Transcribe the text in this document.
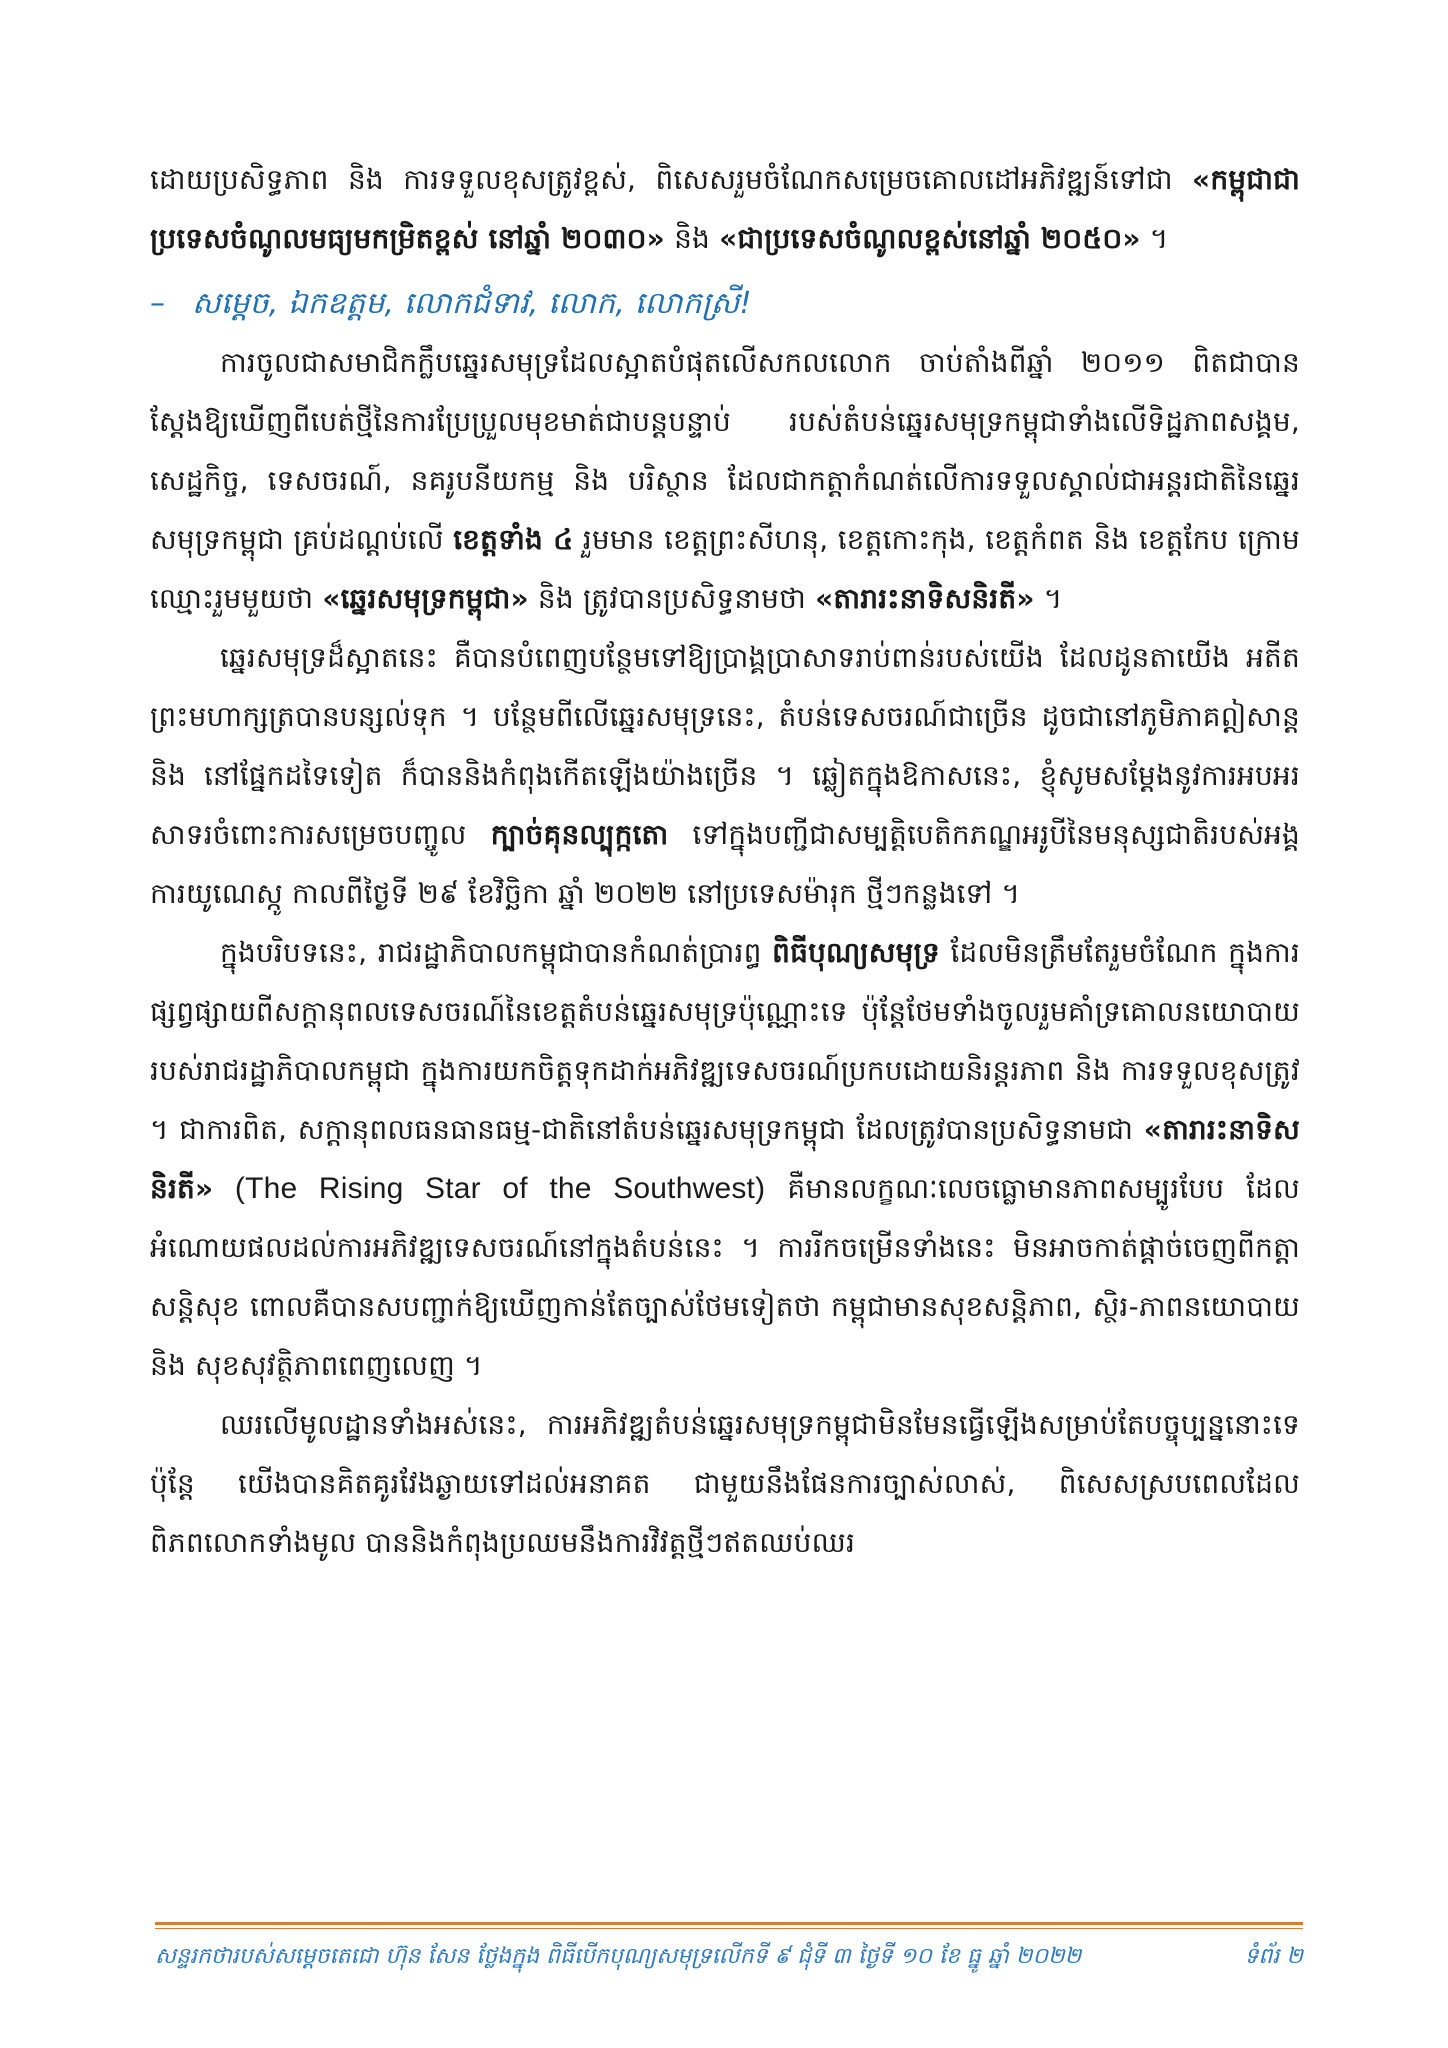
ដោយប្រសិទ្ធភាព និង ការទទួលខុសត្រូវខ្ពស់, ពិសេសរួមចំណែកសម្រេចគោលដៅអភិវឌ្ឍន៍ទៅជា «កម្ពុជាជាប្រទេសចំណូលមធ្យមកម្រិតខ្ពស់ នៅឆ្នាំ ២០៣០» និង «ជាប្រទេសចំណូលខ្ពស់នៅឆ្នាំ ២០៥០» ។

– សម្ដេច, ឯកឧត្ដម, លោកជំទាវ, លោក, លោកស្រី!

ការចូលជាសមាជិកក្លឹបឆ្នេរសមុទ្រដែលស្អាតបំផុតលើសកលលោក ចាប់តាំងពីឆ្នាំ ២០១១ ពិតជាបានស្ដែងឱ្យឃើញពីបេត់ថ្មីនៃការប្រែប្រួលមុខមាត់ជាបន្តបន្ទាប់ របស់តំបន់ឆ្នេរសមុទ្រកម្ពុជាទាំងលើទិដ្ឋភាពសង្គម, សេដ្ឋកិច្ច, ទេសចរណ៍, នគរូបនីយកម្ម និង បរិស្ថាន ដែលជាកត្តាកំណត់លើការទទួលស្គាល់ជាអន្តរជាតិនៃឆ្នេរសមុទ្រកម្ពុជា គ្រប់ដណ្ដប់លើ ខេត្តទាំង ៤ រួមមាន ខេត្តព្រះសីហនុ, ខេត្តកោះកុង, ខេត្តកំពត និង ខេត្តកែប ក្រោមឈ្មោះរួមមួយថា «ឆ្នេរសមុទ្រកម្ពុជា» និង ត្រូវបានប្រសិទ្ធនាមថា «តារារះនាទិសនិរតី» ។

ឆ្នេរសមុទ្រដ៏ស្អាតនេះ គឺបានបំពេញបន្ថែមទៅឱ្យប្រាង្គប្រាសាទរាប់ពាន់របស់យើង ដែលដូនតាយើង អតីតព្រះមហាក្សត្របានបន្សល់ទុក ។ បន្ថែមពីលើឆ្នេរសមុទ្រនេះ, តំបន់ទេសចរណ៍ជាច្រើន ដូចជានៅភូមិភាគឦសាន្ត និង នៅផ្នែកដទៃទៀត ក៏បាននិងកំពុងកើតឡើងយ៉ាងច្រើន ។ ឆ្លៀតក្នុងឱកាសនេះ, ខ្ញុំសូមសម្ដែងនូវការអបអរសាទរចំពោះការសម្រេចបញ្ចូល ក្បាច់គុនល្បុក្កតោ ទៅក្នុងបញ្ជីជាសម្បត្តិបេតិកភណ្ឌអរូបីនៃមនុស្សជាតិរបស់អង្គការយូណេស្កូ កាលពីថ្ងៃទី ២៩ ខែវិច្ឆិកា ឆ្នាំ ២០២២ នៅប្រទេសម៉ារុក ថ្មីៗកន្លងទៅ ។

ក្នុងបរិបទនេះ, រាជរដ្ឋាភិបាលកម្ពុជាបានកំណត់ប្រារព្ធ ពិធីបុណ្យសមុទ្រ ដែលមិនត្រឹមតែរួមចំណែក ក្នុងការផ្សព្វផ្សាយពីសក្ដានុពលទេសចរណ៍នៃខេត្តតំបន់ឆ្នេរសមុទ្រប៉ុណ្ណោះទេ ប៉ុន្តែថែមទាំងចូលរួមគាំទ្រគោលនយោបាយរបស់រាជរដ្ឋាភិបាលកម្ពុជា ក្នុងការយកចិត្តទុកដាក់អភិវឌ្ឍទេសចរណ៍ប្រកបដោយនិរន្តរភាព និង ការទទួលខុសត្រូវ ។ ជាការពិត, សក្ដានុពលធនធានធម្ម-ជាតិនៅតំបន់ឆ្នេរសមុទ្រកម្ពុជា ដែលត្រូវបានប្រសិទ្ធនាមជា «តារារះនាទិសនិរតី» (The Rising Star of the Southwest) គឺមានលក្ខណៈលេចធ្លោមានភាពសម្បូរបែប ដែលអំណោយផលដល់ការអភិវឌ្ឍទេសចរណ៍នៅក្នុងតំបន់នេះ ។ ការរីកចម្រើនទាំងនេះ មិនអាចកាត់ផ្ដាច់ចេញពីកត្តាសន្តិសុខ ពោលគឺបានសបញ្ជាក់ឱ្យឃើញកាន់តែច្បាស់ថែមទៀតថា កម្ពុជាមានសុខសន្តិភាព, ស្ថិរ-ភាពនយោបាយ និង សុខសុវត្ថិភាពពេញលេញ ។

ឈរលើមូលដ្ឋានទាំងអស់នេះ, ការអភិវឌ្ឍតំបន់ឆ្នេរសមុទ្រកម្ពុជាមិនមែនធ្វើឡើងសម្រាប់តែបច្ចុប្បន្ននោះទេ ប៉ុន្តែ យើងបានគិតគូរវែងឆ្ងាយទៅដល់អនាគត ជាមួយនឹងផែនការច្បាស់លាស់, ពិសេសស្របពេលដែលពិភពលោកទាំងមូល បាននិងកំពុងប្រឈមនឹងការវិវត្តថ្មីៗឥតឈប់ឈរ

សន្ទរកថារបស់សម្ដេចតេជោ ហ៊ុន សែន ថ្លែងក្នុង ពិធីបើកបុណ្យសមុទ្រលើកទី ៩ ជុំទី ៣ ថ្ងៃទី ១០ ខែ ធ្នូ ឆ្នាំ ២០២២	ទំព័រ ២
